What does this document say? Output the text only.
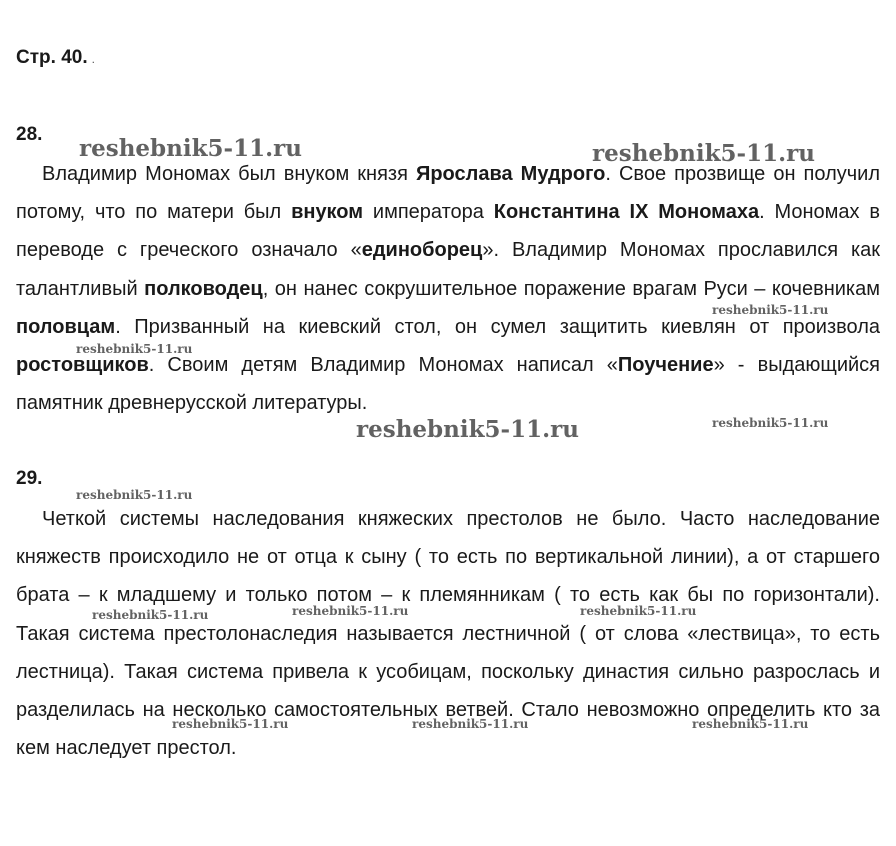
Стр. 40. .
28.

Владимир Мономах был внуком князя Ярослава Мудрого. Свое прозвище он получил потому, что по матери был внуком императора Константина IX Мономаха. Мономах в переводе с греческого означало «единоборец». Владимир Мономах прославился как талантливый полководец, он нанес сокрушительное поражение врагам Руси – кочевникам половцам. Призванный на киевский стол, он сумел защитить киевлян от произвола ростовщиков. Своим детям Владимир Мономах написал «Поучение» - выдающийся памятник древнерусской литературы.

29.

Четкой системы наследования княжеских престолов не было. Часто наследование княжеств происходило не от отца к сыну ( то есть по вертикальной линии), а от старшего брата – к младшему и только потом – к племянникам ( то есть как бы по горизонтали). Такая система престолонаследия называется лестничной ( от слова «лествица», то есть лестница). Такая система привела к усобицам, поскольку династия сильно разрослась и разделилась на несколько самостоятельных ветвей. Стало невозможно определить кто за кем наследует престол.

reshebnik5-11.ru	reshebnik5-11.ru
reshebnik5-11.ru
reshebnik5-11.ru
reshebnik5-11.ru	reshebnik5-11.ru
reshebnik5-11.ru
reshebnik5-11.ru	reshebnik5-11.ru	reshebnik5-11.ru
reshebnik5-11.ru	reshebnik5-11.ru	reshebnik5-11.ru
